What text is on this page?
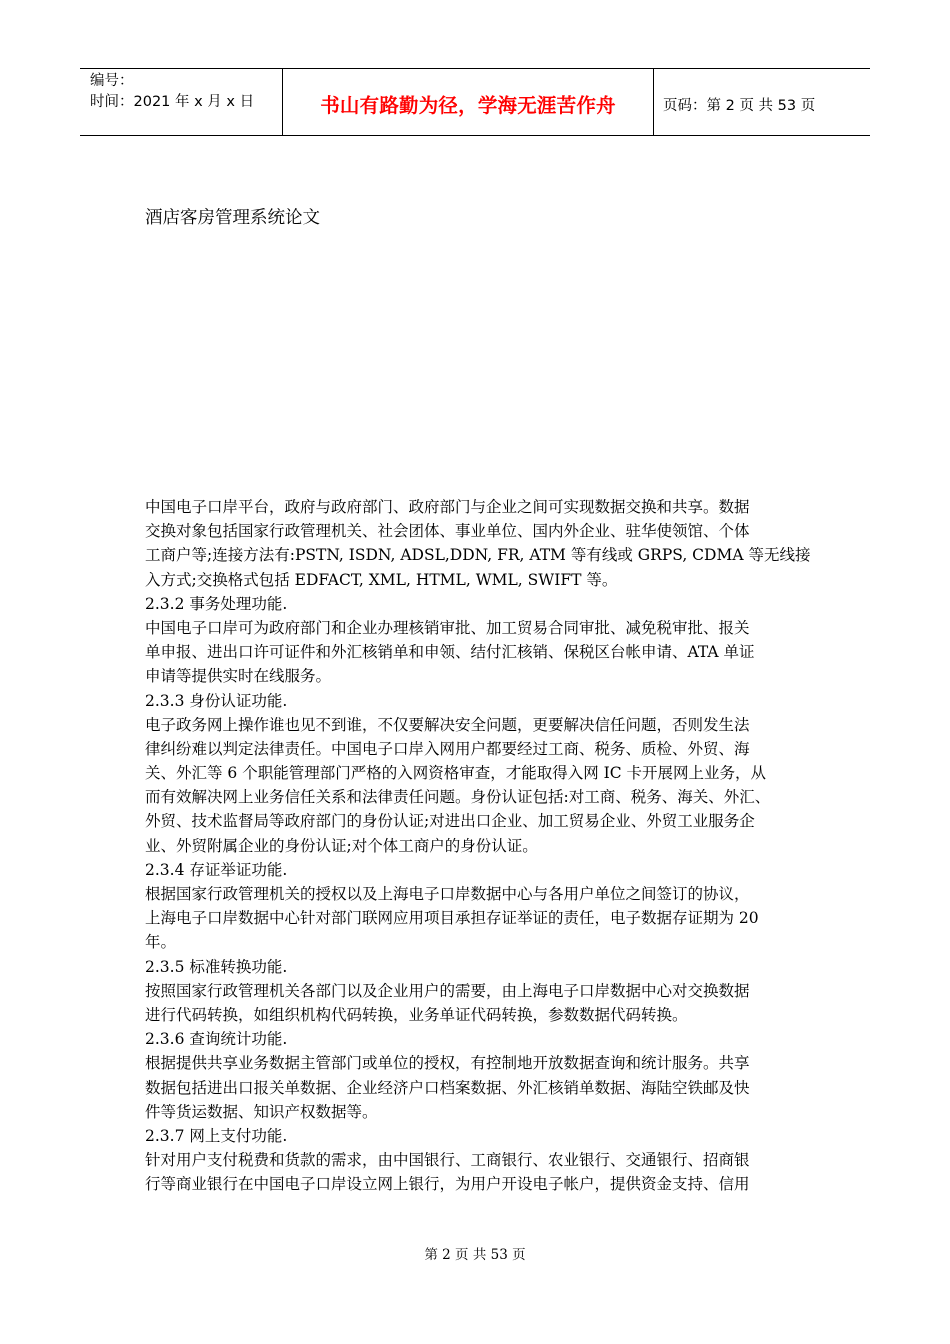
编号：
时间：2021 年 x 月 x 日	书山有路勤为径，学海无涯苦作舟	页码：第 2 页 共 53 页
酒店客房管理系统论文
中国电子口岸平台，政府与政府部门、政府部门与企业之间可实现数据交换和共享。数据
交换对象包括国家行政管理机关、社会团体、事业单位、国内外企业、驻华使领馆、个体
工商户等;连接方法有:PSTN, ISDN, ADSL,DDN, FR, ATM 等有线或 GRPS, CDMA 等无线接
入方式;交换格式包括 EDFACT, XML, HTML, WML, SWIFT 等。
2.3.2 事务处理功能.
中国电子口岸可为政府部门和企业办理核销审批、加工贸易合同审批、减免税审批、报关
单申报、进出口许可证件和外汇核销单和申领、结付汇核销、保税区台帐申请、ATA 单证
申请等提供实时在线服务。
2.3.3 身份认证功能.
电子政务网上操作谁也见不到谁，不仅要解决安全问题，更要解决信任问题，否则发生法
律纠纷难以判定法律责任。中国电子口岸入网用户都要经过工商、税务、质检、外贸、海
关、外汇等 6 个职能管理部门严格的入网资格审查，才能取得入网 IC 卡开展网上业务，从
而有效解决网上业务信任关系和法律责任问题。身份认证包括:对工商、税务、海关、外汇、
外贸、技术监督局等政府部门的身份认证;对进出口企业、加工贸易企业、外贸工业服务企
业、外贸附属企业的身份认证;对个体工商户的身份认证。
2.3.4 存证举证功能.
根据国家行政管理机关的授权以及上海电子口岸数据中心与各用户单位之间签订的协议，
上海电子口岸数据中心针对部门联网应用项目承担存证举证的责任，电子数据存证期为 20
年。
2.3.5 标准转换功能.
按照国家行政管理机关各部门以及企业用户的需要，由上海电子口岸数据中心对交换数据
进行代码转换，如组织机构代码转换，业务单证代码转换，参数数据代码转换。
2.3.6 查询统计功能.
根据提供共享业务数据主管部门或单位的授权，有控制地开放数据查询和统计服务。共享
数据包括进出口报关单数据、企业经济户口档案数据、外汇核销单数据、海陆空铁邮及快
件等货运数据、知识产权数据等。
2.3.7 网上支付功能.
针对用户支付税费和货款的需求，由中国银行、工商银行、农业银行、交通银行、招商银
行等商业银行在中国电子口岸设立网上银行，为用户开设电子帐户，提供资金支持、信用
第 2 页 共 53 页
